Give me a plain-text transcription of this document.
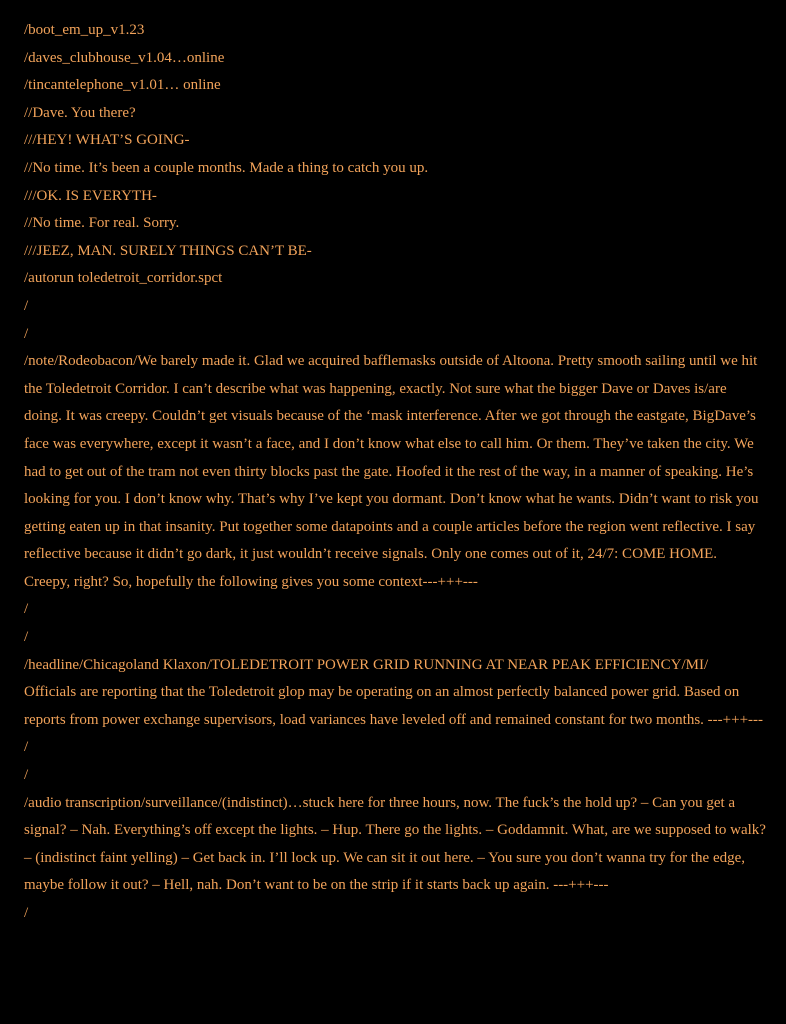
/boot_em_up_v1.23

/daves_clubhouse_v1.04…online

/tincantelephone_v1.01… online

//Dave. You there?

///HEY! WHAT’S GOING-

//No time. It’s been a couple months. Made a thing to catch you up.

///OK. IS EVERYTH-

//No time. For real. Sorry.

///JEEZ, MAN. SURELY THINGS CAN’T BE-

/autorun toledetroit_corridor.spct

/

/

/note/Rodeobacon/We barely made it. Glad we acquired bafflemasks outside of Altoona. Pretty smooth sailing until we hit the Toledetroit Corridor. I can’t describe what was happening, exactly. Not sure what the bigger Dave or Daves is/are doing. It was creepy. Couldn’t get visuals because of the ‘mask interference. After we got through the eastgate, BigDave’s face was everywhere, except it wasn’t a face, and I don’t know what else to call him. Or them. They’ve taken the city. We had to get out of the tram not even thirty blocks past the gate. Hoofed it the rest of the way, in a manner of speaking. He’s looking for you. I don’t know why. That’s why I’ve kept you dormant. Don’t know what he wants. Didn’t want to risk you getting eaten up in that insanity. Put together some datapoints and a couple articles before the region went reflective. I say reflective because it didn’t go dark, it just wouldn’t receive signals. Only one comes out of it, 24/7: COME HOME. Creepy, right? So, hopefully the following gives you some context---+++---

/

/

/headline/Chicagoland Klaxon/TOLEDETROIT POWER GRID RUNNING AT NEAR PEAK EFFICIENCY/MI/

Officials are reporting that the Toledetroit glop may be operating on an almost perfectly balanced power grid. Based on reports from power exchange supervisors, load variances have leveled off and remained constant for two months. ---+++---

/

/

/audio transcription/surveillance/(indistinct)…stuck here for three hours, now. The fuck’s the hold up? – Can you get a signal? – Nah. Everything’s off except the lights. – Hup. There go the lights. – Goddamnit. What, are we supposed to walk? – (indistinct faint yelling) – Get back in. I’ll lock up. We can sit it out here. – You sure you don’t wanna try for the edge, maybe follow it out? – Hell, nah. Don’t want to be on the strip if it starts back up again. ---+++---

/
